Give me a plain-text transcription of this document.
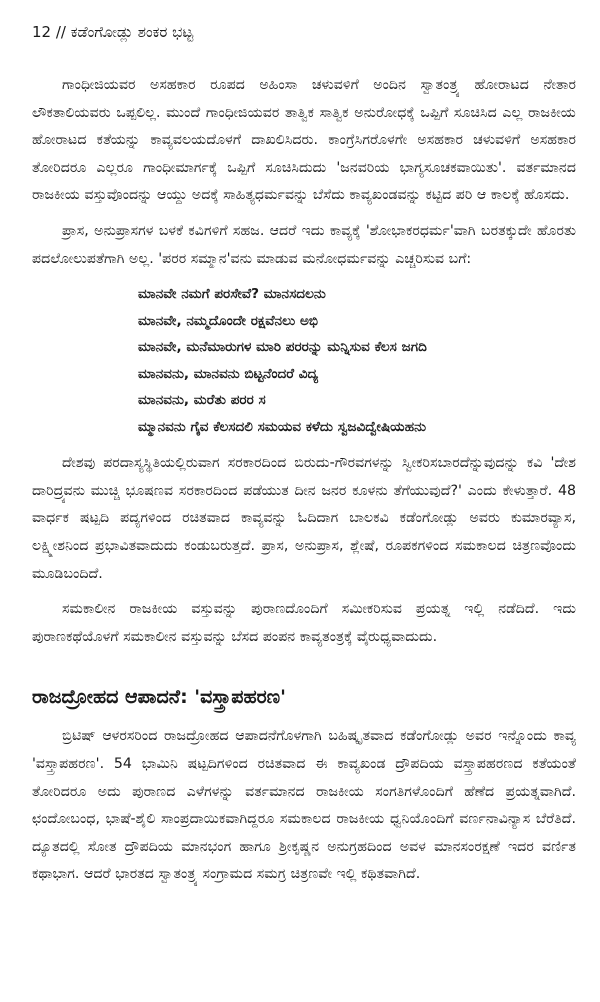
12 // ಕಡೆಂಗೋಡ್ಲು ಶಂಕರ ಭಟ್ಟ

ಗಾಂಧೀಜಿಯವರ ಅಸಹಕಾರ ರೂಪದ ಅಹಿಂಸಾ ಚಳುವಳಿಗೆ ಅಂದಿನ ಸ್ವಾತಂತ್ರ್ಯ ಹೋರಾಟದ ನೇತಾರ ಲೌಕತಾಲಿಯವರು ಒಪ್ಪಲಿಲ್ಲ. ಮುಂದೆ ಗಾಂಧೀಜಿಯವರ ತಾತ್ವಿಕ ಸಾತ್ವಿಕ ಅನುರೋಧಕ್ಕೆ ಒಪ್ಪಿಗೆ ಸೂಚಿಸಿದ ಎಲ್ಲ ರಾಜಕೀಯ ಹೋರಾಟದ ಕತೆಯನ್ನು ಕಾವ್ಯವಲಯದೊಳಗೆ ದಾಖಲಿಸಿದರು. ಕಾಂಗ್ರೆಸಿಗರೊಳಗೇ ಅಸಹಕಾರ ಚಳುವಳಿಗೆ ಅಸಹಕಾರ ತೋರಿದರೂ ಎಲ್ಲರೂ ಗಾಂಧೀಮಾರ್ಗಕ್ಕೆ ಒಪ್ಪಿಗೆ ಸೂಚಿಸಿದುದು 'ಜನವರಿಯ ಭಾಗ್ಯಸೂಚಕವಾಯಿತು'. ವರ್ತಮಾನದ ರಾಜಕೀಯ ವಸ್ತುವೊಂದನ್ನು ಆಯ್ದು ಅದಕ್ಕೆ ಸಾಹಿತ್ಯಧರ್ಮವನ್ನು ಬೆಸೆದು ಕಾವ್ಯಖಂಡವನ್ನು ಕಟ್ಟಿದ ಪರಿ ಆ ಕಾಲಕ್ಕೆ ಹೊಸದು.

ಪ್ರಾಸ, ಅನುಪ್ರಾಸಗಳ ಬಳಕೆ ಕವಿಗಳಿಗೆ ಸಹಜ. ಆದರೆ ಇದು ಕಾವ್ಯಕ್ಕೆ 'ಶೋಭಾಕರಧರ್ಮ'ವಾಗಿ ಬರತಕ್ಕುದೇ ಹೊರತು ಪದಲೋಲುಪತೆಗಾಗಿ ಅಲ್ಲ. 'ಪರರ ಸಮ್ಮಾನ'ವನು ಮಾಡುವ ಮನೋಧರ್ಮವನ್ನು ಎಚ್ಚರಿಸುವ ಬಗೆ:

ಮಾನವೇ ನಮಗೆ ಪರಸೇವೆ? ಮಾನಸದಲನು
ಮಾನವೇ, ನಮ್ಮದೊಂದೇ ರಕ್ಷವೆನಲು ಅಭಿ
ಮಾನವೇ, ಮನೆಮಾರುಗಳ ಮಾರಿ ಪರರನ್ನು ಮನ್ನಿಸುವ ಕೆಲಸ ಜಗದಿ
ಮಾನವನು, ಮಾನವನು ಬಿಟ್ಟನೆಂದರೆ ವಿದ್ಯ
ಮಾನವನು, ಮರೆತು ಪರರ ಸ
ಮ್ಮಾನವನು ಗೈವ ಕೆಲಸದಲಿ ಸಮಯವ ಕಳೆದು ಸ್ವಜವಿದ್ವೇಷಿಯಹನು

ದೇಶವು ಪರದಾಸ್ಯಸ್ಥಿತಿಯಲ್ಲಿರುವಾಗ ಸರಕಾರದಿಂದ ಬಿರುದು-ಗೌರವಗಳನ್ನು ಸ್ವೀಕರಿಸಬಾರದೆನ್ನುವುದನ್ನು ಕವಿ 'ದೇಶ ದಾರಿದ್ರ್ಯವನು ಮುಚ್ಚಿ ಭೂಷಣವ ಸರಕಾರದಿಂದ ಪಡೆಯುತ ದೀನ ಜನರ ಕೂಳನು ತೆಗೆಯುವುದೆ?' ಎಂದು ಕೇಳುತ್ತಾರೆ. 48 ವಾರ್ಧಕ ಷಟ್ಪದಿ ಪದ್ಯಗಳಿಂದ ರಚಿತವಾದ ಕಾವ್ಯವನ್ನು ಓದಿದಾಗ ಬಾಲಕವಿ ಕಡೆಂಗೋಡ್ಲು ಅವರು ಕುಮಾರವ್ಯಾಸ, ಲಕ್ಷ್ಮೀಶನಿಂದ ಪ್ರಭಾವಿತವಾದುದು ಕಂಡುಬರುತ್ತದೆ. ಪ್ರಾಸ, ಅನುಪ್ರಾಸ, ಶ್ಲೇಷೆ, ರೂಪಕಗಳಿಂದ ಸಮಕಾಲದ ಚಿತ್ರಣವೊಂದು ಮೂಡಿಬಂದಿದೆ.

ಸಮಕಾಲೀನ ರಾಜಕೀಯ ವಸ್ತುವನ್ನು ಪುರಾಣದೊಂದಿಗೆ ಸಮೀಕರಿಸುವ ಪ್ರಯತ್ನ ಇಲ್ಲಿ ನಡೆದಿದೆ. ಇದು ಪುರಾಣಕಥೆಯೊಳಗೆ ಸಮಕಾಲೀನ ವಸ್ತುವನ್ನು ಬೆಸದ ಪಂಪನ ಕಾವ್ಯತಂತ್ರಕ್ಕೆ ವೈರುಧ್ಯವಾದುದು.

ರಾಜದ್ರೋಹದ ಆಪಾದನೆ: 'ವಸ್ತ್ರಾಪಹರಣ'

ಬ್ರಿಟಿಷ್ ಆಳರಸರಿಂದ ರಾಜದ್ರೋಹದ ಆಪಾದನೆಗೊಳಗಾಗಿ ಬಹಿಷ್ಕೃತವಾದ ಕಡೆಂಗೋಡ್ಲು ಅವರ ಇನ್ನೊಂದು ಕಾವ್ಯ 'ವಸ್ತ್ರಾಪಹರಣ'. 54 ಭಾಮಿನಿ ಷಟ್ಪದಿಗಳಿಂದ ರಚಿತವಾದ ಈ ಕಾವ್ಯಖಂಡ ದ್ರೌಪದಿಯ ವಸ್ತ್ರಾಪಹರಣದ ಕತೆಯಂತೆ ತೋರಿದರೂ ಅದು ಪುರಾಣದ ಎಳೆಗಳನ್ನು ವರ್ತಮಾನದ ರಾಜಕೀಯ ಸಂಗತಿಗಳೊಂದಿಗೆ ಹೆಣೆದ ಪ್ರಯತ್ನವಾಗಿದೆ. ಛಂದೋಬಂಧ, ಭಾಷೆ-ಶೈಲಿ ಸಾಂಪ್ರದಾಯಿಕವಾಗಿದ್ದರೂ ಸಮಕಾಲದ ರಾಜಕೀಯ ಧ್ವನಿಯೊಂದಿಗೆ ವರ್ಣನಾವಿನ್ಯಾಸ ಬೆರೆತಿದೆ. ದ್ಯೂತದಲ್ಲಿ ಸೋತ ದ್ರೌಪದಿಯ ಮಾನಭಂಗ ಹಾಗೂ ಶ್ರೀಕೃಷ್ಣನ ಅನುಗ್ರಹದಿಂದ ಅವಳ ಮಾನಸಂರಕ್ಷಣೆ ಇದರ ವರ್ಣಿತ ಕಥಾಭಾಗ. ಆದರೆ ಭಾರತದ ಸ್ವಾತಂತ್ರ್ಯ ಸಂಗ್ರಾಮದ ಸಮಗ್ರ ಚಿತ್ರಣವೇ ಇಲ್ಲಿ ಕಥಿತವಾಗಿದೆ.
